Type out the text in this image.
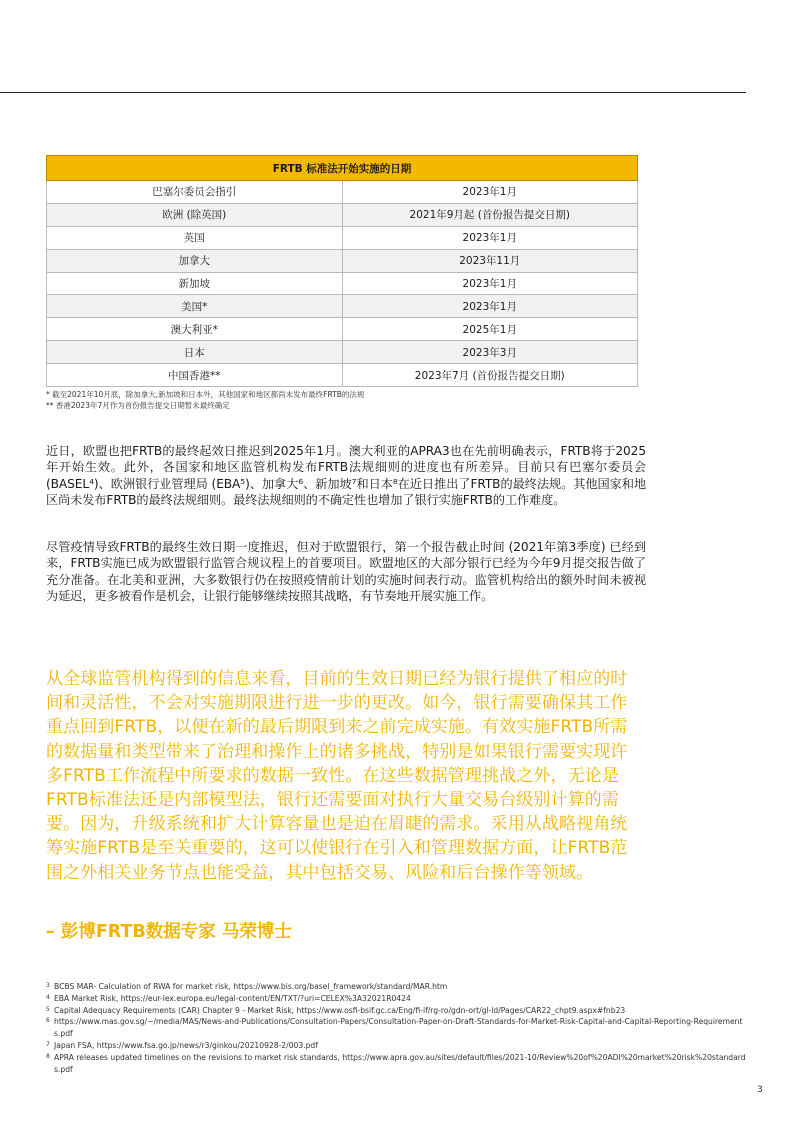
FRTB 标准法开始实施的日期	
巴塞尔委员会指引	2023年1月
欧洲 (除英国)	2021年9月起 (首份报告提交日期)
英国	2023年1月
加拿大	2023年11月
新加坡	2023年1月
美国*	2023年1月
澳大利亚*	2025年1月
日本	2023年3月
中国香港**	2023年7月 (首份报告提交日期)
* 截至2021年10月底，除加拿大,新加坡和日本外，其他国家和地区都尚未发布最终FRTB的法规
** 香港2023年7月作为首份报告提交日期暂未最终确定

近日，欧盟也把FRTB的最终起效日推迟到2025年1月。澳大利亚的APRA3也在先前明确表示，FRTB将于2025年开始生效。此外，各国家和地区监管机构发布FRTB法规细则的进度也有所差异。目前只有巴塞尔委员会 (BASEL⁴)、欧洲银行业管理局 (EBA⁵)、加拿大⁶、新加坡⁷和日本⁸在近日推出了FRTB的最终法规。其他国家和地区尚未发布FRTB的最终法规细则。最终法规细则的不确定性也增加了银行实施FRTB的工作难度。

尽管疫情导致FRTB的最终生效日期一度推迟，但对于欧盟银行，第一个报告截止时间 (2021年第3季度) 已经到来，FRTB实施已成为欧盟银行监管合规议程上的首要项目。欧盟地区的大部分银行已经为今年9月提交报告做了充分准备。在北美和亚洲，大多数银行仍在按照疫情前计划的实施时间表行动。监管机构给出的额外时间未被视为延迟，更多被看作是机会，让银行能够继续按照其战略，有节奏地开展实施工作。

从全球监管机构得到的信息来看，目前的生效日期已经为银行提供了相应的时间和灵活性，不会对实施期限进行进一步的更改。如今，银行需要确保其工作重点回到FRTB，以便在新的最后期限到来之前完成实施。有效实施FRTB所需的数据量和类型带来了治理和操作上的诸多挑战，特别是如果银行需要实现许多FRTB工作流程中所要求的数据一致性。在这些数据管理挑战之外，无论是FRTB标准法还是内部模型法，银行还需要面对执行大量交易台级别计算的需要。因为，升级系统和扩大计算容量也是迫在眉睫的需求。采用从战略视角统筹实施FRTB是至关重要的，这可以使银行在引入和管理数据方面，让FRTB范围之外相关业务节点也能受益，其中包括交易、风险和后台操作等领域。
– 彭博FRTB数据专家 马荣博士
3 BCBS MAR- Calculation of RWA for market risk, https://www.bis.org/basel_framework/standard/MAR.htm
4 EBA Market Risk, https://eur-lex.europa.eu/legal-content/EN/TXT/?uri=CELEX%3A32021R0424
5 Capital Adequacy Requirements (CAR) Chapter 9 - Market Risk, https://www.osfi-bsif.gc.ca/Eng/fi-if/rg-ro/gdn-ort/gl-ld/Pages/CAR22_chpt9.aspx#fnb23
6 https://www.mas.gov.sg/~/media/MAS/News-and-Publications/Consultation-Papers/Consultation-Paper-on-Draft-Standards-for-Market-Risk-Capital-and-Capital-Reporting-Requirements.pdf
7 Japan FSA, https://www.fsa.go.jp/news/r3/ginkou/20210928-2/003.pdf
8 APRA releases updated timelines on the revisions to market risk standards, https://www.apra.gov.au/sites/default/files/2021-10/Review%20of%20ADI%20market%20risk%20standards.pdf
3
